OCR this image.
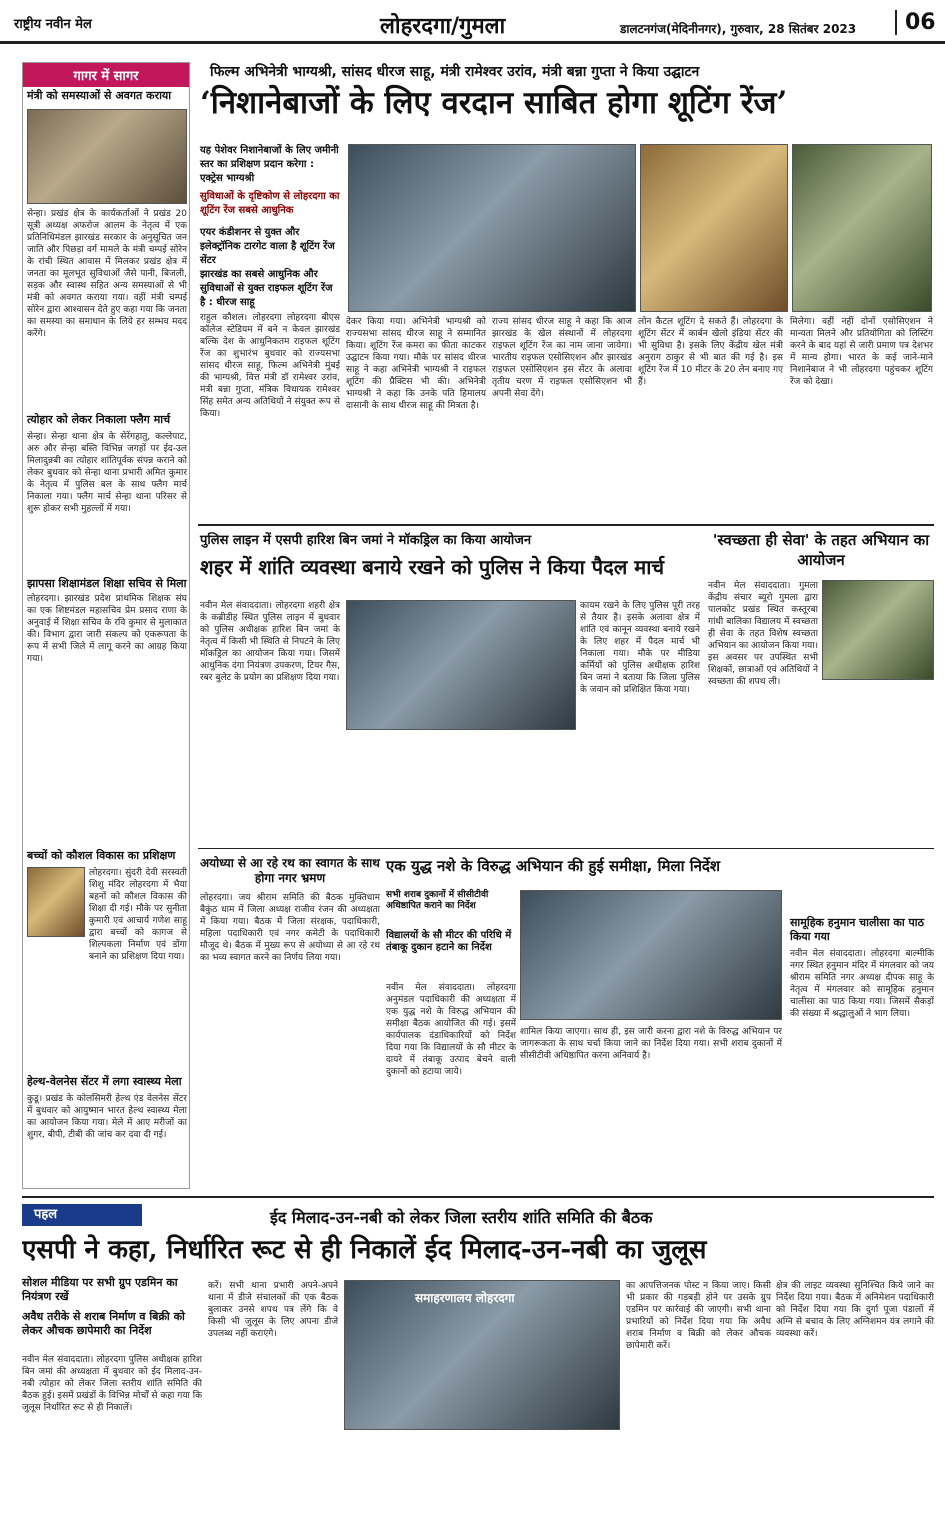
राष्ट्रीय नवीन मेल	लोहरदगा/गुमला	डालटनगंज(मेदिनीनगर), गुरुवार, 28 सितंबर 2023	06
गागर में सागर
मंत्री को समस्याओं से अवगत कराया
सेन्हा। प्रखंड क्षेत्र के कार्यकर्ताओं ने प्रखंड 20 सूत्री अध्यक्ष अफरोज आलम के नेतृत्व में एक प्रतिनिधिमंडल झारखंड सरकार के अनुसूचित जन जाति और पिछड़ा वर्ग मामले के मंत्री चम्पई सोरेन के रांची स्थित आवास में मिलकर प्रखंड क्षेत्र में जनता का मूलभूत सुविधाओं जैसे पानी, बिजली, सड़क और स्वास्थ सहित अन्य समस्याओं से भी मंत्री को अवगत कराया गया। वहीं मंत्री चम्पई सोरेन द्वारा आश्वासन देते हुए कहा गया कि जनता का समस्या का समाधान के लिये हर सम्भव मदद करेंगे।
त्योहार को लेकर निकाला फ्लैग मार्च
सेन्हा। सेन्हा थाना क्षेत्र के सेरेंगहातु, कल्लेपाट, अरु और सेन्हा बस्ति विभिन्न जगहों पर ईद-उल मिलादुन्नबी का त्योहार शांतिपूर्वक संपन्न कराने को लेकर बुधवार को सेन्हा थाना प्रभारी अमित कुमार के नेतृत्व में पुलिस बल के साथ फ्लैग मार्च निकाला गया। फ्लैग मार्च सेन्हा थाना परिसर से शुरू होकर सभी मुहल्लों में गया।
झापसा शिक्षामंडल शिक्षा सचिव से मिला
लोहरदगा। झारखंड प्रदेश प्राथमिक शिक्षक संघ का एक शिष्टमंडल महासचिव प्रेम प्रसाद राणा के अनुवाई में शिक्षा सचिव के रवि कुमार से मुलाकात की। विभाग द्वारा जारी संकल्प को एकरूपता के रूप में सभी जिले में लागू करने का आग्रह किया गया।
बच्चों को कौशल विकास का प्रशिक्षण
लोहरदगा। सुंदरी देवी सरस्वती शिशु मंदिर लोहरदगा में भैया बहनों को कौशल विकास की शिक्षा दी गई। मौके पर सुनीता कुमारी एवं आचार्य गणेश साहू द्वारा बच्चों को कागज से शिल्पकला निर्माण एवं डोंगा बनाने का प्रशिक्षण दिया गया।
हेल्थ-वेलनेस सेंटर में लगा स्वास्थ्य मेला
कुडू। प्रखंड के कोलसिमरी हेल्थ एंड वेलनेस सेंटर में बुधवार को आयुष्मान भारत हेल्थ स्वास्थ्य मेला का आयोजन किया गया। मेले में आए मरीजों का शुगर, बीपी, टीबी की जांच कर दवा दी गई।
फिल्म अभिनेत्री भाग्यश्री, सांसद धीरज साहू, मंत्री रामेश्वर उरांव, मंत्री बन्ना गुप्ता ने किया उद्घाटन
‘निशानेबाजों के लिए वरदान साबित होगा शूटिंग रेंज’
यह पेशेवर निशानेबाजों के लिए जमीनी स्तर का प्रशिक्षण प्रदान करेगा : एक्ट्रेस भाग्यश्री
सुविधाओं के दृष्टिकोण से लोहरदगा का शूटिंग रेंज सबसे आधुनिक
एयर कंडीशनर से युक्त और इलेक्ट्रॉनिक टारगेट वाला है शूटिंग रेंज सेंटर
झारखंड का सबसे आधुनिक और सुविधाओं से युक्त राइफल शूटिंग रेंज है : धीरज साहू
राहुल कौशल। लोहरदगा लोहरदगा बीएस कॉलेज स्टेडियम में बने न केवल झारखंड बल्कि देश के आधुनिकतम राइफल शूटिंग रेंज का शुभारंभ बुधवार को राज्यसभा सांसद धीरज साहू, फिल्म अभिनेत्री मुंबई की भाग्यश्री, वित्त मंत्री डॉ रामेश्वर उरांव, मंत्री बन्ना गुप्ता, मंत्रिक विधायक रामेश्वर सिंह समेत अन्य अतिथियों ने संयुक्त रूप से किया।
देकर किया गया। अभिनेत्री भाग्यश्री को राज्यसभा सांसद धीरज साहू ने सम्मानित किया। शूटिंग रेंज कमरा का फीता काटकर उद्घाटन किया गया। मौके पर सांसद धीरज साहू ने कहा अभिनेत्री भाग्यश्री ने राइफल शूटिंग की प्रैक्टिस भी की। अभिनेत्री भाग्यश्री ने कहा कि उनके पति हिमालय दासानी के साथ धीरज साहू की मित्रता है।
राज्य सांसद धीरज साहू ने कहा कि आज झारखंड के खेल संस्थानों में लोहरदगा राइफल शूटिंग रेंज का नाम जाना जायेगा। भारतीय राइफल एसोसिएशन और झारखंड राइफल एसोसिएशन इस सेंटर के अलावा तृतीय चरण में राइफल एसोसिएशन भी अपनी सेवा देंगे।
लोन कैटल शूटिंग दे सकते हैं। लोहरदगा के शूटिंग सेंटर में कार्बन खेलो इंडिया सेंटर की भी सुविधा है। इसके लिए केंद्रीय खेल मंत्री अनुराग ठाकुर से भी बात की गई है। इस शूटिंग रेंज में 10 मीटर के 20 लेन बनाए गए हैं।
मिलेगा। वहीं नहीं दोनों एसोसिएशन ने मान्यता मिलने और प्रतियोगिता को लिस्टिंग करने के बाद यहां से जारी प्रमाण पत्र देशभर में मान्य होगा। भारत के कई जाने-माने निशानेबाज ने भी लोहरदगा पहुंचकर शूटिंग रेंज को देखा।
पुलिस लाइन में एसपी हारिश बिन जमां ने मॉकड्रिल का किया आयोजन
शहर में शांति व्यवस्था बनाये रखने को पुलिस ने किया पैदल मार्च
नवीन मेल संवाददाता। लोहरदगा शहरी क्षेत्र के कब्रीडीह स्थित पुलिस लाइन में बुधवार को पुलिस अधीक्षक हारिश बिन जमां के नेतृत्व में किसी भी स्थिति से निपटने के लिए मॉकड्रिल का आयोजन किया गया। जिसमें आधुनिक दंगा नियंत्रण उपकरण, टियर गैस, रबर बुलेट के प्रयोग का प्रशिक्षण दिया गया।
कायम रखने के लिए पुलिस पूरी तरह से तैयार है। इसके अलावा क्षेत्र में शांति एवं कानून व्यवस्था बनाये रखने के लिए शहर में पैदल मार्च भी निकाला गया। मौके पर मीडिया कर्मियों को पुलिस अधीक्षक हारिश बिन जमां ने बताया कि जिला पुलिस के जवान को प्रशिक्षित किया गया।
'स्वच्छता ही सेवा' के तहत अभियान का आयोजन
नवीन मेल संवाददाता। गुमला केंद्रीय संचार ब्यूरो गुमला द्वारा पालकोट प्रखंड स्थित कस्तूरबा गांधी बालिका विद्यालय में स्वच्छता ही सेवा के तहत विशेष स्वच्छता अभियान का आयोजन किया गया। इस अवसर पर उपस्थित सभी शिक्षकों, छात्राओं एवं अतिथियों ने स्वच्छता की शपथ ली।
अयोध्या से आ रहे रथ का स्वागत के साथ होगा नगर भ्रमण
लोहरदगा। जय श्रीराम समिति की बैठक मुक्तिधाम बैकुंठ धाम में जिला अध्यक्ष राजीव रंजन की अध्यक्षता में किया गया। बैठक में जिला संरक्षक, पदाधिकारी, महिला पदाधिकारी एवं नगर कमेटी के पदाधिकारी मौजूद थे। बैठक में मुख्य रूप से अयोध्या से आ रहे रथ का भव्य स्वागत करने का निर्णय लिया गया।
एक युद्ध नशे के विरुद्ध अभियान की हुई समीक्षा, मिला निर्देश
सभी शराब दुकानों में सीसीटीवी अधिष्ठापित कराने का निर्देश
विद्यालयों के सौ मीटर की परिधि में तंबाकू दुकान हटाने का निर्देश
नवीन मेल संवाददाता। लोहरदगा अनुमंडल पदाधिकारी की अध्यक्षता में एक युद्ध नशे के विरुद्ध अभियान की समीक्षा बैठक आयोजित की गई। इसमें कार्यपालक दंडाधिकारियों को निर्देश दिया गया कि विद्यालयों के सौ मीटर के दायरे में तंबाकू उत्पाद बेचने वाली दुकानों को हटाया जाये।
शामिल किया जाएगा। साथ ही, इस जारी करना द्वारा नशे के विरुद्ध अभियान पर जागरूकता के साथ चर्चा किया जाने का निर्देश दिया गया। सभी शराब दुकानों में सीसीटीवी अधिष्ठापित करना अनिवार्य है।
सामूहिक हनुमान चालीसा का पाठ किया गया
नवीन मेल संवाददाता। लोहरदगा बाल्मीकि नगर स्थित हनुमान मंदिर में मंगलवार को जय श्रीराम समिति नगर अध्यक्ष दीपक साहू के नेतृत्व में मंगलवार को सामूहिक हनुमान चालीसा का पाठ किया गया। जिसमें सैकड़ों की संख्या में श्रद्धालुओं ने भाग लिया।
पहल	ईद मिलाद-उन-नबी को लेकर जिला स्तरीय शांति समिति की बैठक
एसपी ने कहा, निर्धारित रूट से ही निकालें ईद मिलाद-उन-नबी का जुलूस
सोशल मीडिया पर सभी ग्रुप एडमिन का नियंत्रण रखें
अवैध तरीके से शराब निर्माण व बिक्री को लेकर औचक छापेमारी का निर्देश
नवीन मेल संवाददाता। लोहरदगा पुलिस अधीक्षक हारिश बिन जमां की अध्यक्षता में बुधवार को ईद मिलाद-उन-नबी त्योहार को लेकर जिला स्तरीय शांति समिति की बैठक हुई। इसमें प्रखंडों के विभिन्न मोर्चों से कहा गया कि जुलूस निर्धारित रूट से ही निकालें।
करें। सभी थाना प्रभारी अपने-अपने थाना में डीजे संचालकों की एक बैठक बुलाकर उनसे शपथ पत्र लेंगे कि वे किसी भी जुलूस के लिए अपना डीजे उपलब्ध नहीं कराएंगे।
समाहरणालय लोहरदगा
का आपत्तिजनक पोस्ट न किया जाए। किसी भी प्रकार की गड़बड़ी होने पर उसके ग्रुप एडमिन पर कार्रवाई की जाएगी। सभी थाना प्रभारियों को निर्देश दिया गया कि अवैध शराब निर्माण व बिक्री को लेकर औचक छापेमारी करें।
क्षेत्र की लाइट व्यवस्था सुनिश्चित किये जाने का निर्देश दिया गया। बैठक में अनिमेशन पदाधिकारी को निर्देश दिया गया कि दुर्गा पूजा पंडालों में अग्नि से बचाव के लिए अग्निशमन यंत्र लगाने की व्यवस्था करें।
